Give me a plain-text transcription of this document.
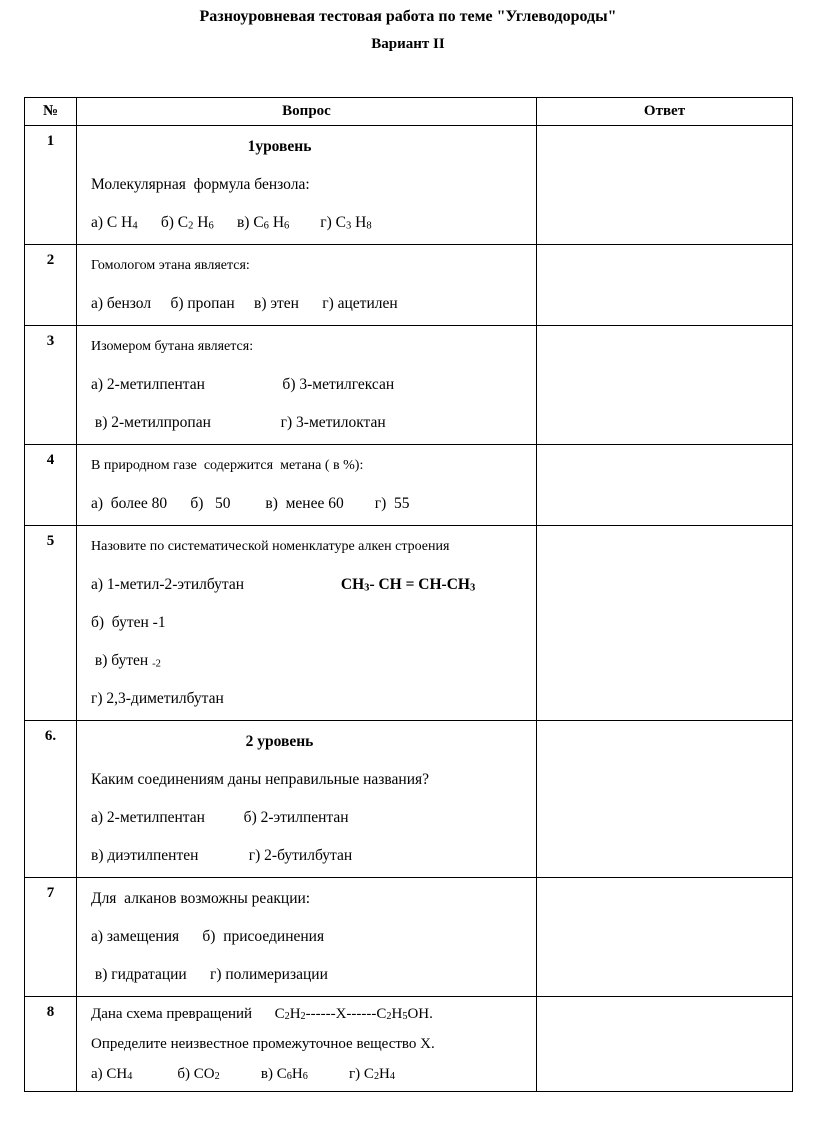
Разноуровневая тестовая работа по теме "Углеводороды"
Вариант II
№	Вопрос	Ответ
1	1уровень
Молекулярная  формула бензола:
а) С $Н_4$      б) $С_2$ $Н_6$      в) $С_6$ $Н_6$        г) $С_3$ $Н_8$

2	Гомологом этана является:
а) бензол     б) пропан     в) этен      г) ацетилен	

3	Изомером бутана является:
а) 2-метилпентан                    б) 3-метилгексан
в) 2-метилпропан                  г) 3-метилоктан	

4	В природном газе  содержится  метана ( в %):
а)  более 80      б)   50         в)  менее 60        г)  55	

5	Назовите по систематической номенклатуре алкен строения
а) 1-метил-2-этилбутан                         $СН_3-$ СН = $СН-СН_3$
б)  бутен -1
в) бутен $_{-2}$
г) 2,3-диметилбутан	

6.	2 уровень
Каким соединениям даны неправильные названия?
а) 2-метилпентан          б) 2-этилпентан
в) диэтилпентен             г) 2-бутилбутан	

7	Для  алканов возможны реакции:
а) замещения      б)  присоединения
в) гидратации      г) полимеризации	

8	Дана схема превращений      $С_2Н_2------Х------С_2Н_5ОН$.
Определите неизвестное промежуточное вещество Х.
а) $СН_4$            б) $СО_2$           в) $С_6Н_6$           г) $С_2Н_4$
